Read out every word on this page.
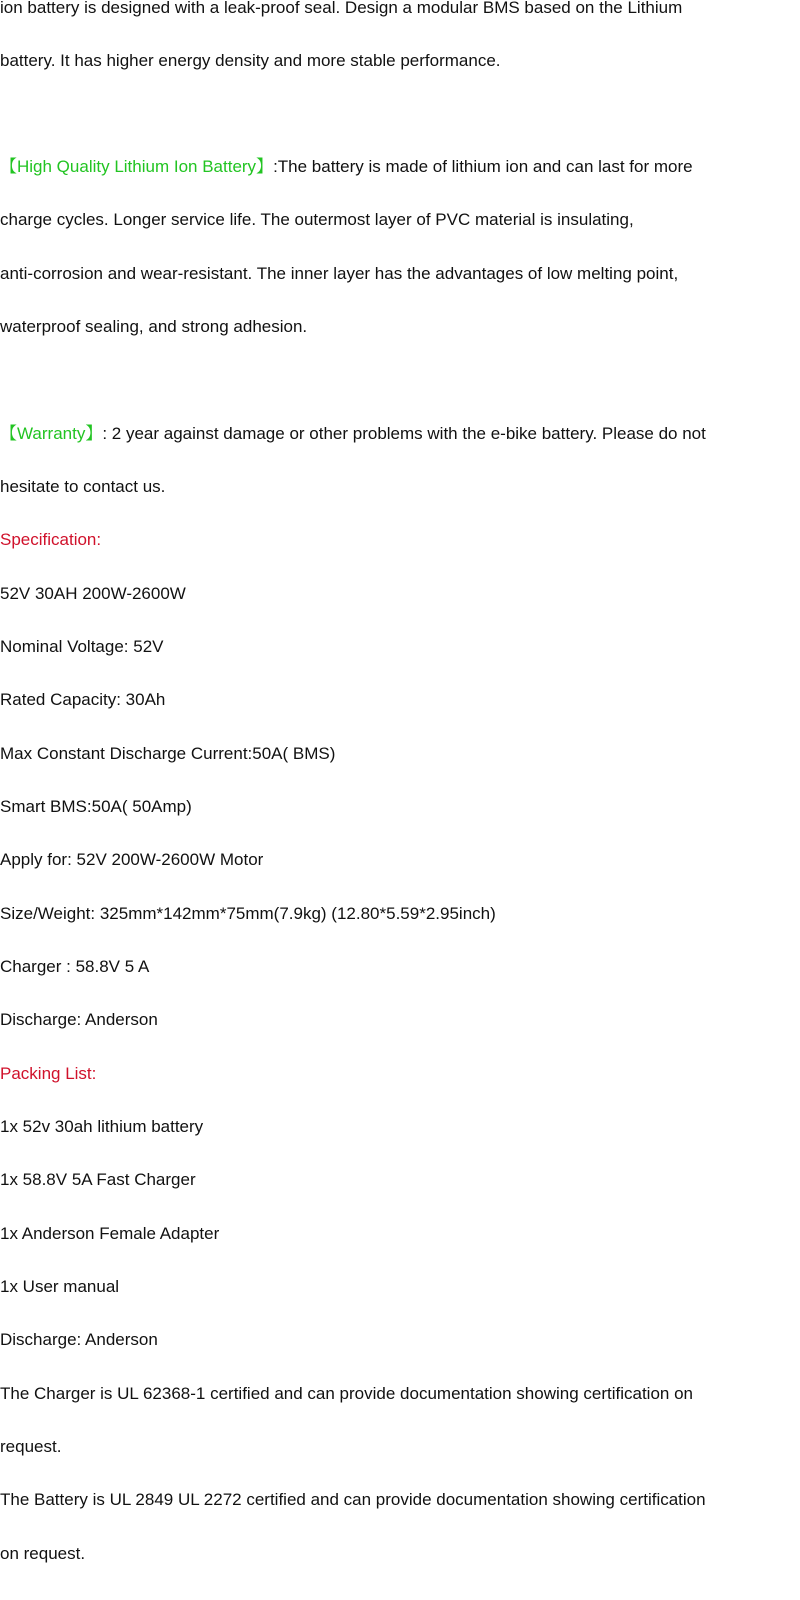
ion battery is designed with a leak-proof seal. Design a modular BMS based on the Lithium
battery. It has higher energy density and more stable performance.
【High Quality Lithium Ion Battery】:The battery is made of lithium ion and can last for more
charge cycles. Longer service life. The outermost layer of PVC material is insulating,
anti-corrosion and wear-resistant. The inner layer has the advantages of low melting point,
waterproof sealing, and strong adhesion.
【Warranty】: 2 year against damage or other problems with the e-bike battery. Please do not
hesitate to contact us.
Specification:
52V 30AH 200W-2600W
Nominal Voltage: 52V
Rated Capacity: 30Ah
Max Constant Discharge Current:50A( BMS)
Smart BMS:50A( 50Amp)
Apply for: 52V 200W-2600W Motor
Size/Weight: 325mm*142mm*75mm(7.9kg) (12.80*5.59*2.95inch)
Charger : 58.8V 5 A
Discharge: Anderson
Packing List:
1x 52v 30ah lithium battery
1x 58.8V 5A Fast Charger
1x Anderson Female Adapter
1x User manual
Discharge: Anderson
The Charger is UL 62368-1 certified and can provide documentation showing certification on
request.
The Battery is UL 2849 UL 2272 certified and can provide documentation showing certification
on request.
